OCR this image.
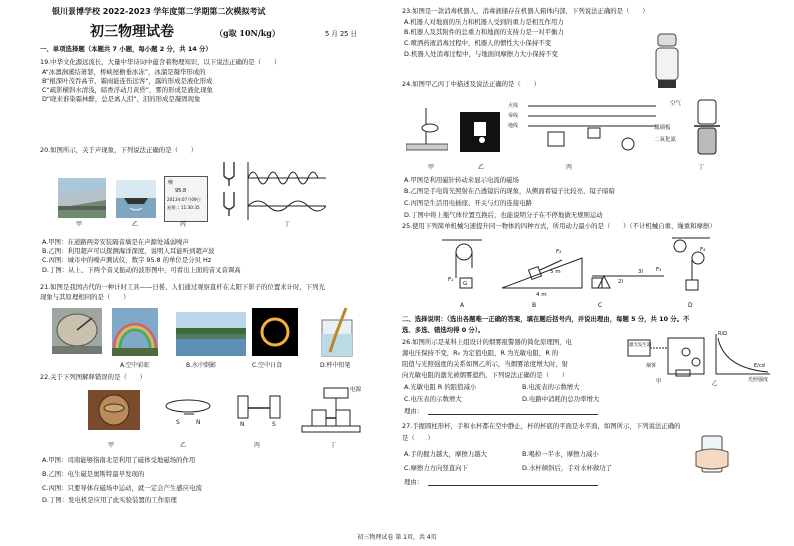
银川景博学校 2022-2023 学年度第二学期第二次模拟考试
初三物理试卷	（g取 10N/kg）	5 月 25 日
一、单项选择题（本题共 7 小题，每小题 2 分，共 14 分）
19.中华文化源远流长，大量中华诗词中蕴含着物理知识，以下说法正确的是（　　）
A“冰凛涧溪结萧瑟，桥峡屋檐垂冰冻”，冰溜是凝华形成的
B“根深叶茂吞高节，霜雨能连伤远客”，露的形成是液化形成
C“疏影横斜水清浅，暗香浮动月黄昏”，雾的形成是液化现象
D“晓来谁染霜林醉，总是离人泪”，泪的形成是凝固现象
20.如图所示，关于声现象，下列说法正确的是（　　）
噪
95.8
2013年07月09日
星期二 11:30:35
甲	乙	丙	丁
A.甲图：在道路两旁安装隔音墙是在声源处减弱噪声
B.乙图：利用超声可以探测海洋深度，说明人耳能听到超声波
C.丙图：城市中的噪声测试仪，数字 95.8 的单位是分贝 Hz
D.丁图：从上、下两个音叉振动的波形图中，可看出上面的音叉音调高
21.如图是我国古代的一种计时工具——日晷，人们通过观察直杆在太阳下影子的位置来计时，下列光
现象与其原理相同的是（　　）
A.空中彩虹	B.水中倒影	C.空中日食	D.杯中铅笔
22.关于下列图解释错误的是（　　）
S	N	N	S
电源
甲	乙	丙	丁
A.甲图：司南能够指南北是利用了磁体受地磁场的作用
B.乙图：电生磁是奥斯特最早发现的
C.丙图：只要导体在磁场中运动，就一定会产生感应电流
D.丁图：发电机是应用了此实验装置的工作原理
23.如图是一款消毒机器人，消毒液储存在机器人箱体内部，下列说法正确的是（　　）
A.机器人对地面的压力和机器人受到的重力是相互作用力
B.机器人及其附件的总重力和地面的支持力是一对平衡力
C.喷洒药液消毒过程中，机器人的惯性大小保持不变
D.机器人处消毒过程中，与地面间摩擦力大小保持不变
24.如图甲乙丙丁中描述及说法正确的是（　　）
火线
零线
地线
空气
玻璃板
二氧化氮
甲	乙	丙	丁
A.甲图是利用磁针转动来显示电流的磁场
B.乙图是手电筒光照射在凸透镜后的现象，从侧面看镜子比较亮、镜子暗暗
C.丙图是生活用电插座、开关与灯的连接电路
D.丁图中将上瓶气体位置互换后，也能说明分子在不停地做无规则运动
25.使用下列简单机械匀速提升同一物体的四种方式，所用动力最小的是（　　）（不计机械自重、绳重和摩擦）
F₁
F₂
F₃
F₄
G
5 m
4 m
3l
2l
A	B	C	D
二、选择说明：（选出各题唯一正确的答案，填在题后括号内，并说出理由，每题 5 分，共 10 分。不
选、多选、错选均得 0 分）。
26.如图所示是某科上组设计的烟雾报警器的简化原理图，电
源电压保持不变，R₀ 为定值电阻，R 为光敏电阻，R 的
阻值与光照强度的关系如图乙所示，当烟雾浓度增大时，射
向光敏电阻的激光被烟雾遮挡，下列说法正确的是（　　）
A.光敏电阻 R 的阻值减小	B.电流表的示数增大
C.电压表的示数增大	D.电路中消耗的总功率增大
理由：
激光发生器
烟雾
甲
R/Ω
E/cd
光照强度
乙
27.手握圆柱形杯，手和水杯都在空中静止，杯的杯底的平面是水平面，如图所示，下列说法正确的
是（　　）
A.手的握力越大，摩擦力越大	B.喝掉一半水，摩擦力减小
C.摩擦力方向竖直向下	D.水杯倾斜后，手对水杯做功了
理由：
初三物理试卷 第 1页，共 4页
